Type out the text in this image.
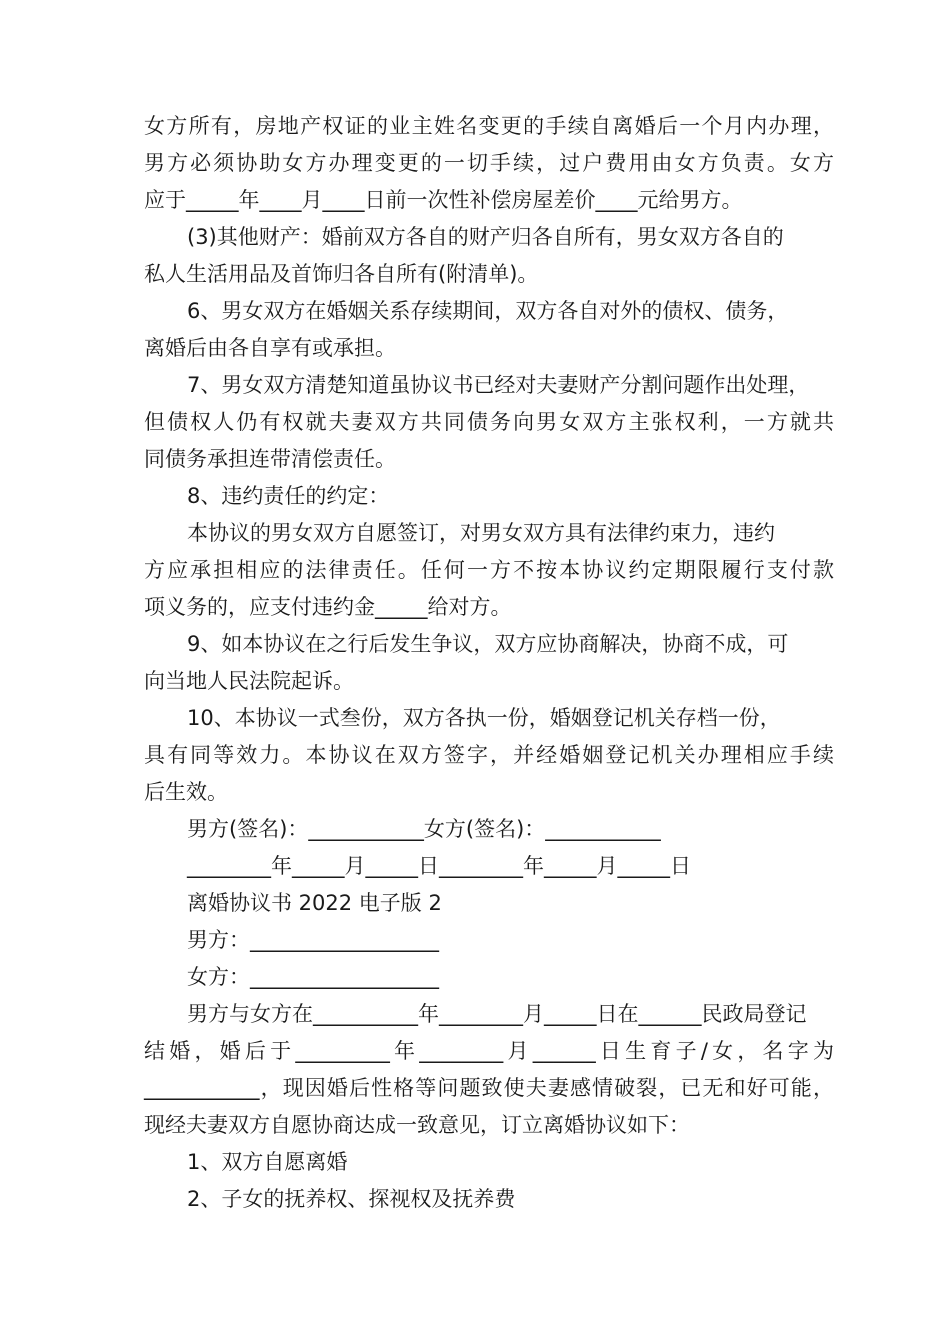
女方所有，房地产权证的业主姓名变更的手续自离婚后一个月内办理，
男方必须协助女方办理变更的一切手续，过户费用由女方负责。女方
应于_____年____月____日前一次性补偿房屋差价____元给男方。
(3)其他财产：婚前双方各自的财产归各自所有，男女双方各自的
私人生活用品及首饰归各自所有(附清单)。
6、男女双方在婚姻关系存续期间，双方各自对外的债权、债务，
离婚后由各自享有或承担。
7、男女双方清楚知道虽协议书已经对夫妻财产分割问题作出处理，
但债权人仍有权就夫妻双方共同债务向男女双方主张权利，一方就共
同债务承担连带清偿责任。
8、违约责任的约定：
本协议的男女双方自愿签订，对男女双方具有法律约束力，违约
方应承担相应的法律责任。任何一方不按本协议约定期限履行支付款
项义务的，应支付违约金_____给对方。
9、如本协议在之行后发生争议，双方应协商解决，协商不成，可
向当地人民法院起诉。
10、本协议一式叁份，双方各执一份，婚姻登记机关存档一份，
具有同等效力。本协议在双方签字，并经婚姻登记机关办理相应手续
后生效。
男方(签名)：___________女方(签名)：___________
________年_____月_____日________年_____月_____日
离婚协议书 2022 电子版 2
男方：__________________
女方：__________________
男方与女方在__________年________月_____日在______民政局登记
结婚，婚后于_________年________月______日生育子/女，名字为
___________，现因婚后性格等问题致使夫妻感情破裂，已无和好可能，
现经夫妻双方自愿协商达成一致意见，订立离婚协议如下：
1、双方自愿离婚
2、子女的抚养权、探视权及抚养费
